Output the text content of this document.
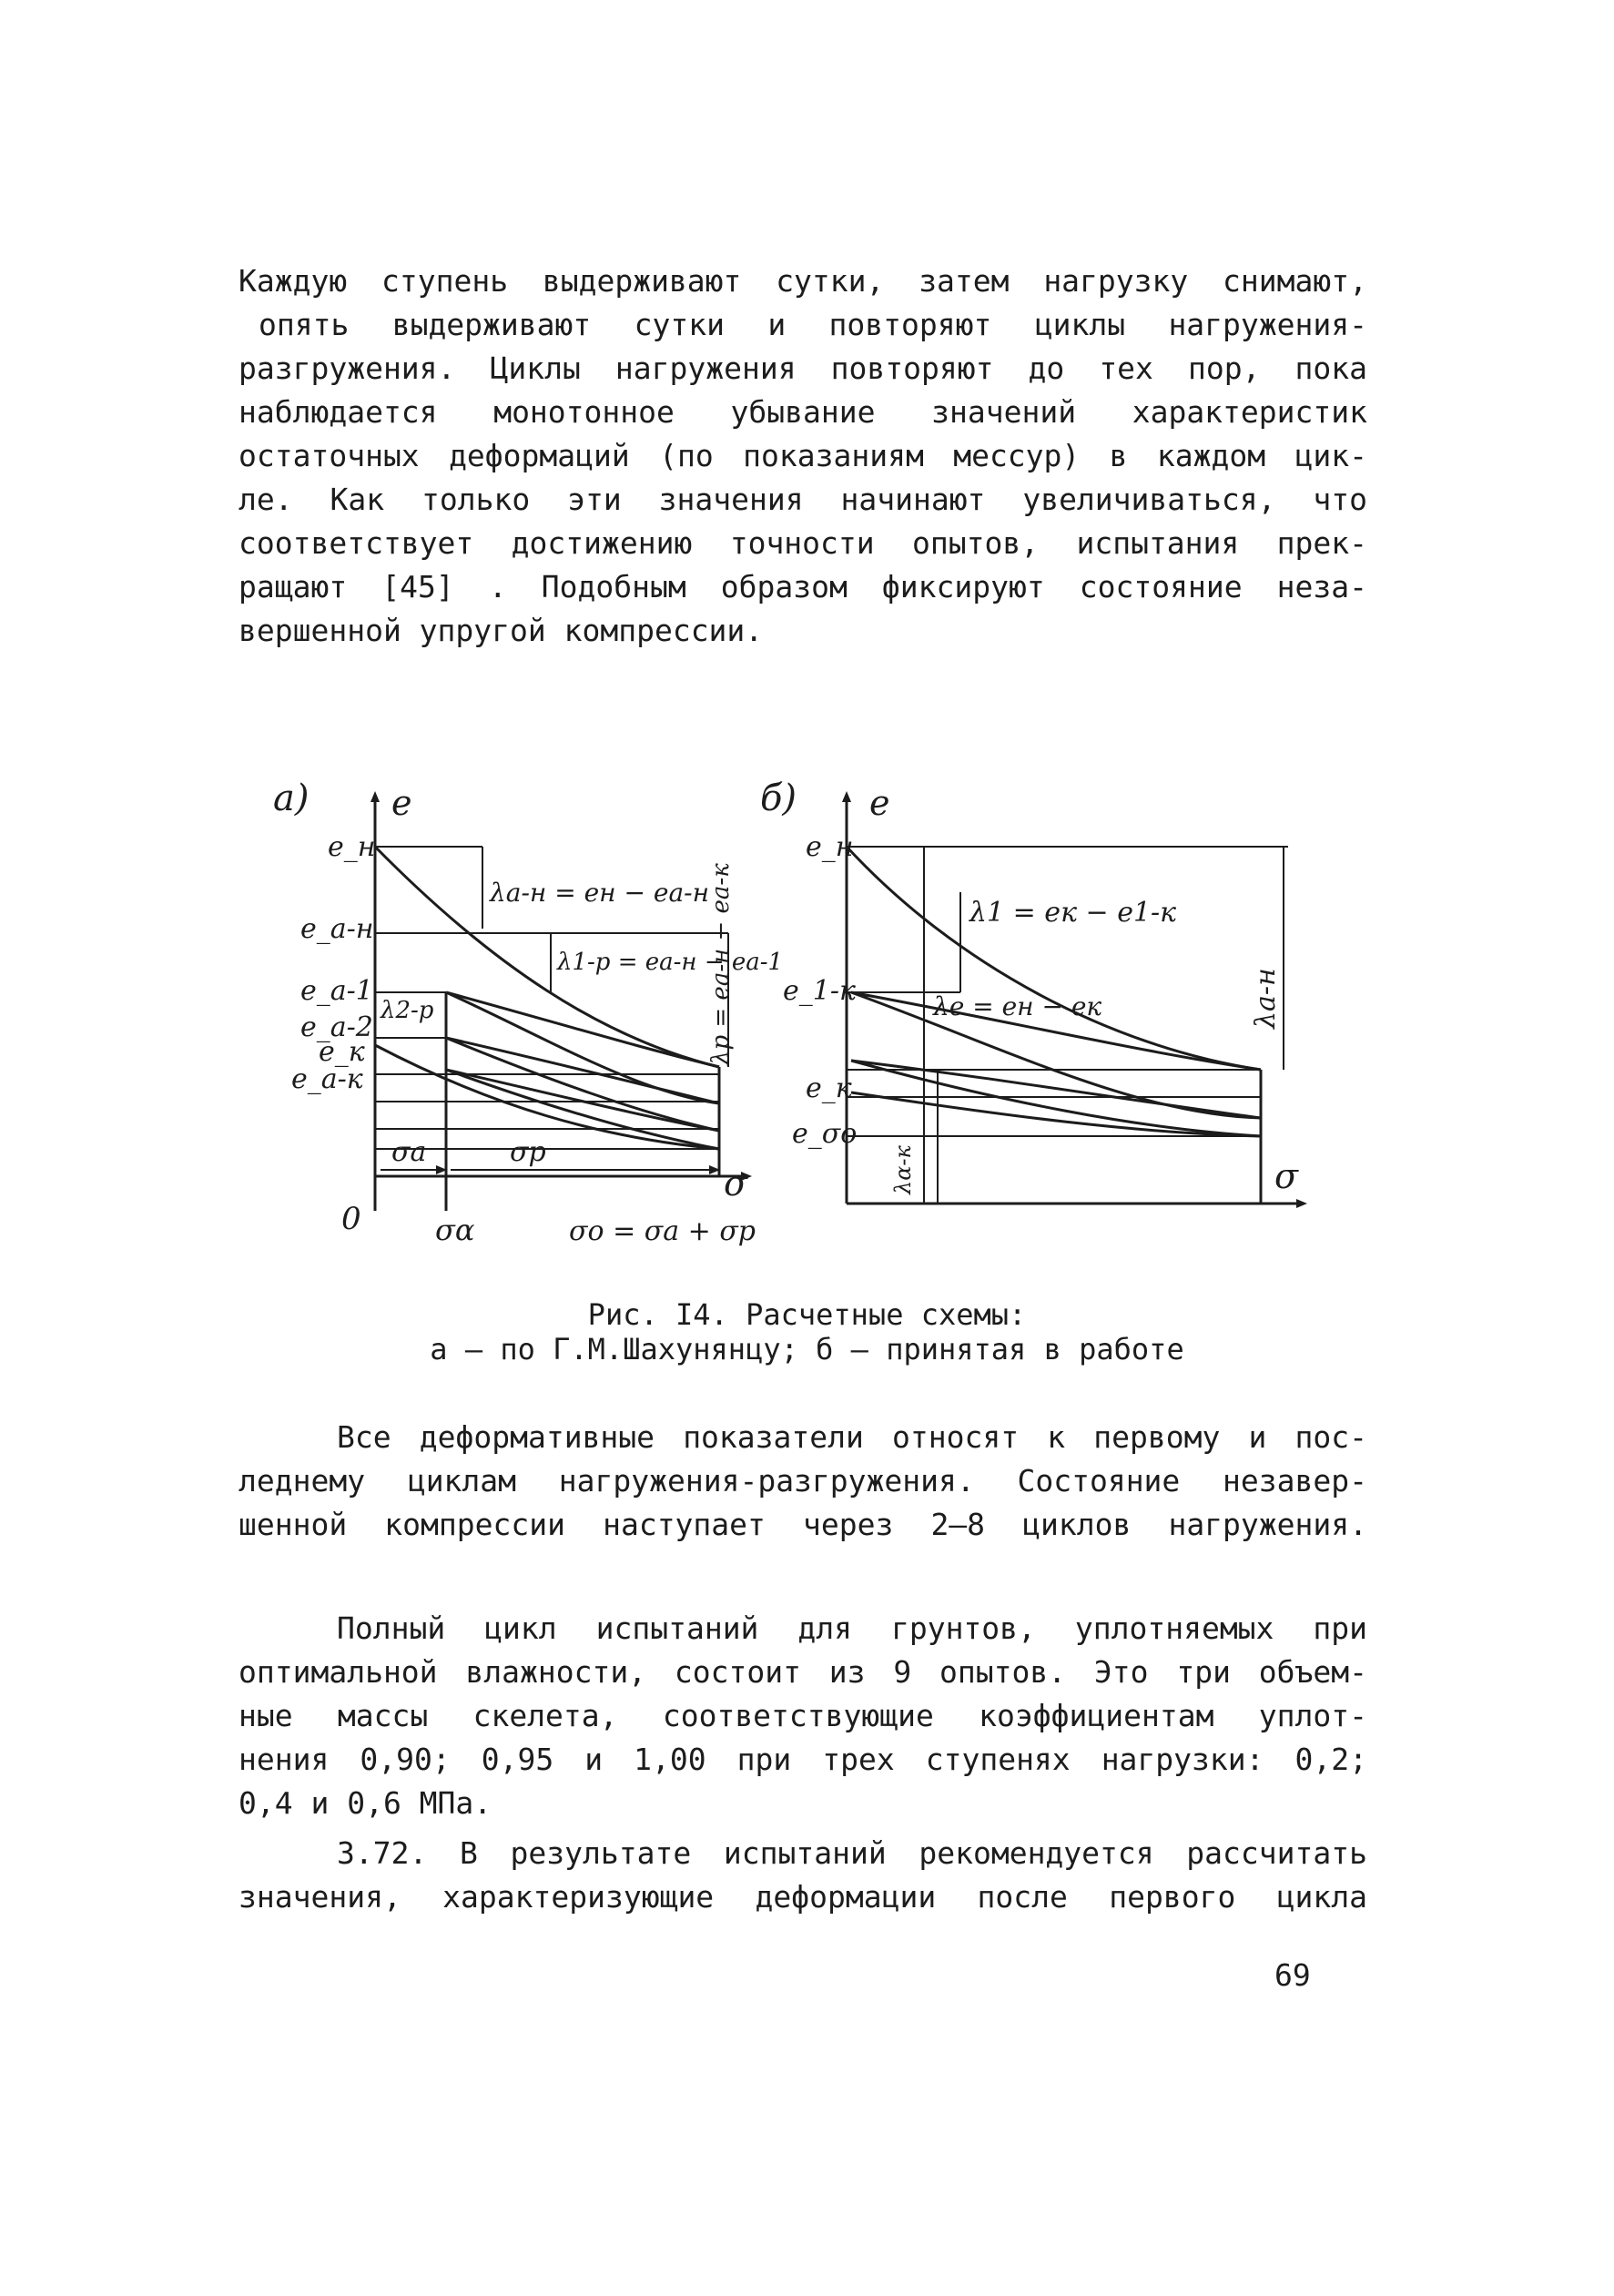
Каждую ступень выдерживают сутки, затем нагрузку снимают,
опять выдерживают сутки и повторяют циклы нагружения-
разгружения. Циклы нагружения повторяют до тех пор, пока
наблюдается монотонное убывание значений характеристик
остаточных деформаций (по показаниям мессур) в каждом цик-
ле. Как только эти значения начинают увеличиваться, что
соответствует достижению точности опытов, испытания прек-
ращают [45] . Подобным образом фиксируют состояние неза-
вершенной упругой компрессии.
а) e
0
σ
e_н
e_а-н
e_а-1
e_а-2
e_к
e_а-к
λа-н = eн − eа-н
λ1-р = eа-н − eа-1
λр = eа-н − eа-к
λ2-р
σа	σр
σα	σо = σа + σр
б) e
σ
e_н
e_1-к
e_к
e_σо
λ1 = eк − e1-к
λe = eн − eк	λа-н
λα-к
Рис. I4. Расчетные схемы:
а – по Г.М.Шахунянцу; б – принятая в работе
Все деформативные показатели относят к первому и пос-
леднему циклам нагружения-разгружения. Состояние незавер-
шенной компрессии наступает через 2–8 циклов нагружения.
Полный цикл испытаний для грунтов, уплотняемых при
оптимальной влажности, состоит из 9 опытов. Это три объем-
ные массы скелета, соответствующие коэффициентам уплот-
нения 0,90; 0,95 и 1,00 при трех ступенях нагрузки: 0,2;
0,4 и 0,6 МПа.
3.72. В результате испытаний рекомендуется рассчитать
значения, характеризующие деформации после первого цикла
69
